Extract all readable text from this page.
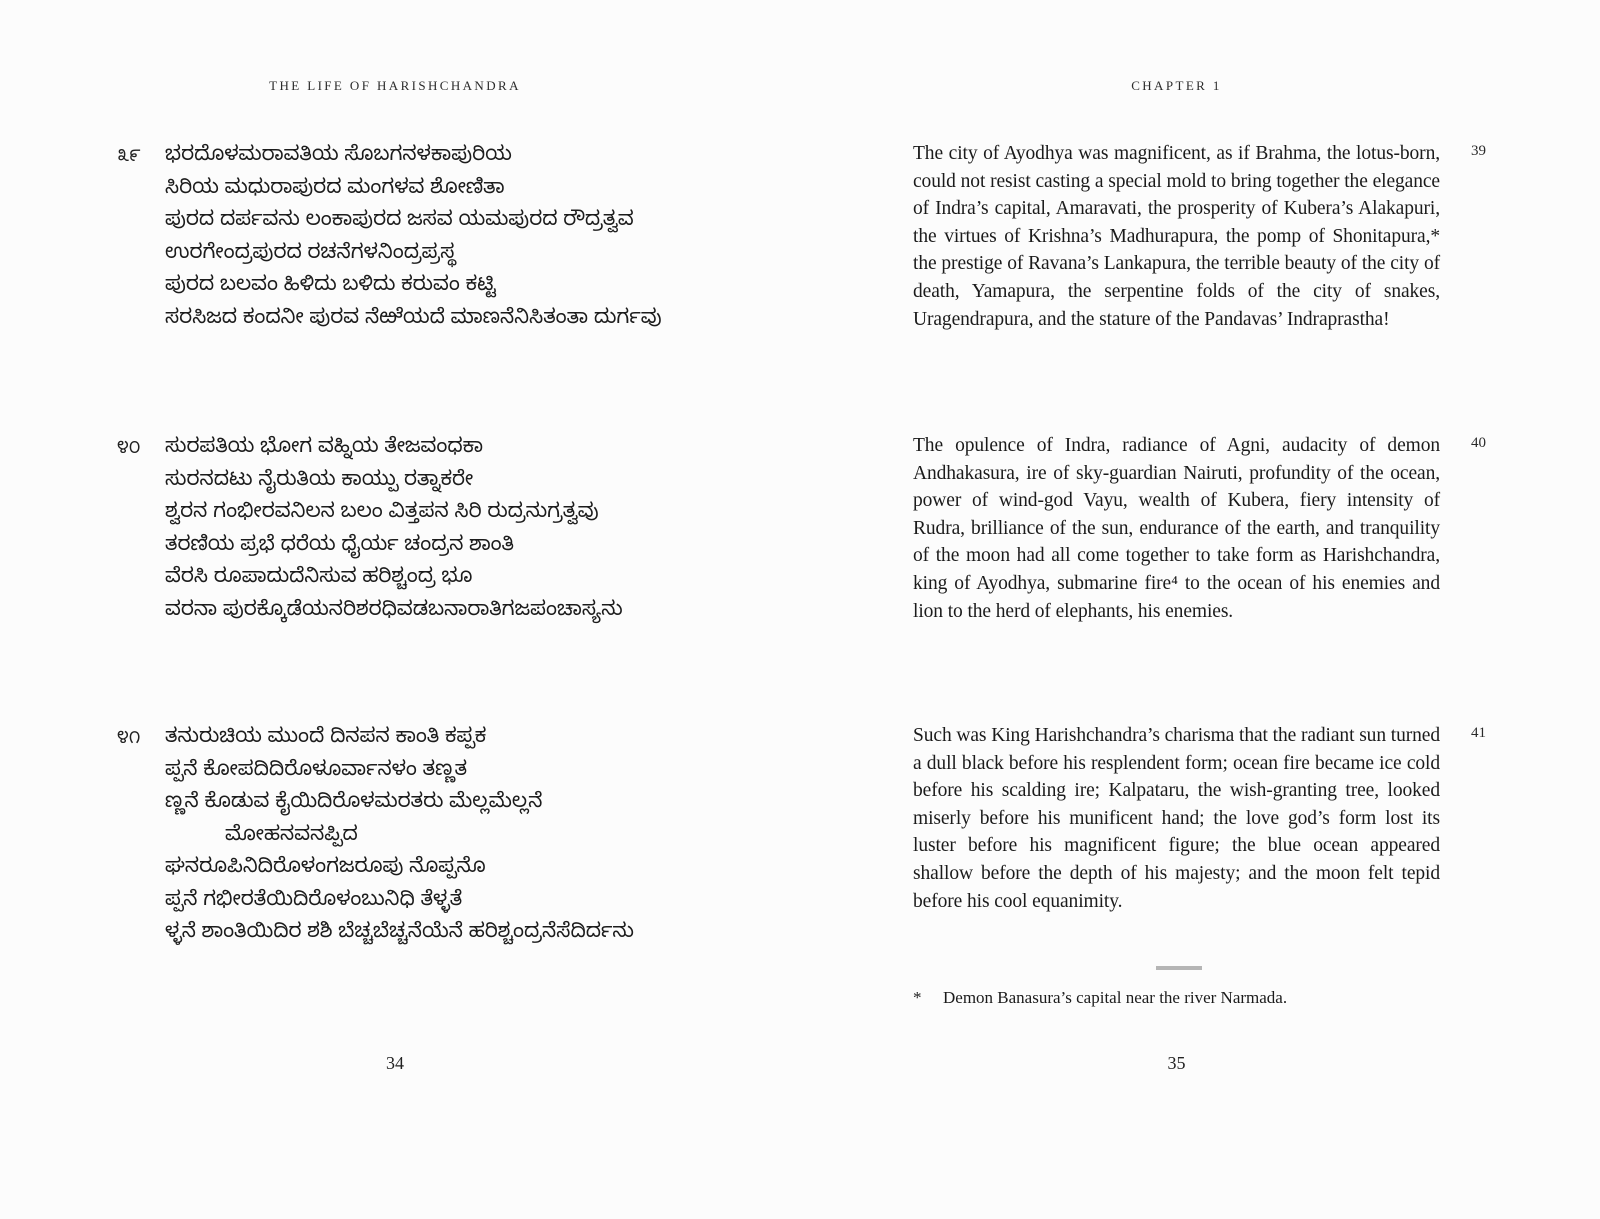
THE LIFE OF HARISHCHANDRA
೩೯ ಭರದೊಳಮರಾವತಿಯ ಸೊಬಗನಳಕಾಪುರಿಯ
ಸಿರಿಯ ಮಧುರಾಪುರದ ಮಂಗಳವ ಶೋಣಿತಾ
ಪುರದ ದರ್ಪವನು ಲಂಕಾಪುರದ ಜಸವ ಯಮಪುರದ ರೌದ್ರತ್ವವ
ಉರಗೇಂದ್ರಪುರದ ರಚನೆಗಳನಿಂದ್ರಪ್ರಸ್ಥ
ಪುರದ ಬಲವಂ ಹಿಳಿದು ಬಳಿದು ಕರುವಂ ಕಟ್ಟಿ
ಸರಸಿಜದ ಕಂದನೀ ಪುರವ ನೆಱೆಯದೆ ಮಾಣನೆನಿಸಿತಂತಾ ದುರ್ಗವು
೪೦ ಸುರಪತಿಯ ಭೋಗ ವಹ್ನಿಯ ತೇಜವಂಧಕಾ
ಸುರನದಟು ನೈರುತಿಯ ಕಾಯ್ಪು ರತ್ನಾಕರೇ
ಶ್ವರನ ಗಂಭೀರವನಿಲನ ಬಲಂ ವಿತ್ತಪನ ಸಿರಿ ರುದ್ರನುಗ್ರತ್ವವು
ತರಣಿಯ ಪ್ರಭೆ ಧರೆಯ ಧೈರ್ಯ ಚಂದ್ರನ ಶಾಂತಿ
ವೆರಸಿ ರೂಪಾದುದೆನಿಸುವ ಹರಿಶ್ಚಂದ್ರ ಭೂ
ವರನಾ ಪುರಕ್ಕೊಡೆಯನರಿಶರಧಿವಡಬನಾರಾತಿಗಜಪಂಚಾಸ್ಯನು
೪೧ ತನುರುಚಿಯ ಮುಂದೆ ದಿನಪನ ಕಾಂತಿ ಕಪ್ಪಕ
ಪ್ಪನೆ ಕೋಪದಿದಿರೊಳೂರ್ವಾನಳಂ ತಣ್ಣತ
ಣ್ಣನೆ ಕೊಡುವ ಕೈಯಿದಿರೊಳಮರತರು ಮೆಲ್ಲಮೆಲ್ಲನೆ
ಮೋಹನವನಪ್ಪಿದ
ಘನರೂಪಿನಿದಿರೊಳಂಗಜರೂಪು ನೊಪ್ಪನೊ
ಪ್ಪನೆ ಗಭೀರತೆಯಿದಿರೊಳಂಬುನಿಧಿ ತೆಳ್ಳತೆ
ಳ್ಳನೆ ಶಾಂತಿಯಿದಿರ ಶಶಿ ಬೆಚ್ಚಬೆಚ್ಚನೆಯೆನೆ ಹರಿಶ್ಚಂದ್ರನೆಸೆದಿರ್ದನು
34
CHAPTER 1

The city of Ayodhya was magnificent, as if Brahma, the lotus-born, could not resist casting a special mold to bring together the elegance of Indra’s capital, Amaravati, the prosperity of Kubera’s Alakapuri, the virtues of Krishna’s Madhurapura, the pomp of Shonitapura,* the prestige of Ravana’s Lankapura, the terrible beauty of the city of death, Yamapura, the serpentine folds of the city of snakes, Uragendrapura, and the stature of the Pandavas’ Indraprastha!

39

The opulence of Indra, radiance of Agni, audacity of demon Andhakasura, ire of sky-guardian Nairuti, profundity of the ocean, power of wind-god Vayu, wealth of Kubera, fiery intensity of Rudra, brilliance of the sun, endurance of the earth, and tranquility of the moon had all come together to take form as Harishchandra, king of Ayodhya, submarine fire⁴ to the ocean of his enemies and lion to the herd of elephants, his enemies.

40

Such was King Harishchandra’s charisma that the radiant sun turned a dull black before his resplendent form; ocean fire became ice cold before his scalding ire; Kalpataru, the wish-granting tree, looked miserly before his munificent hand; the love god’s form lost its luster before his magnificent figure; the blue ocean appeared shallow before the depth of his majesty; and the moon felt tepid before his cool equanimity.

41
*	Demon Banasura’s capital near the river Narmada.
35
